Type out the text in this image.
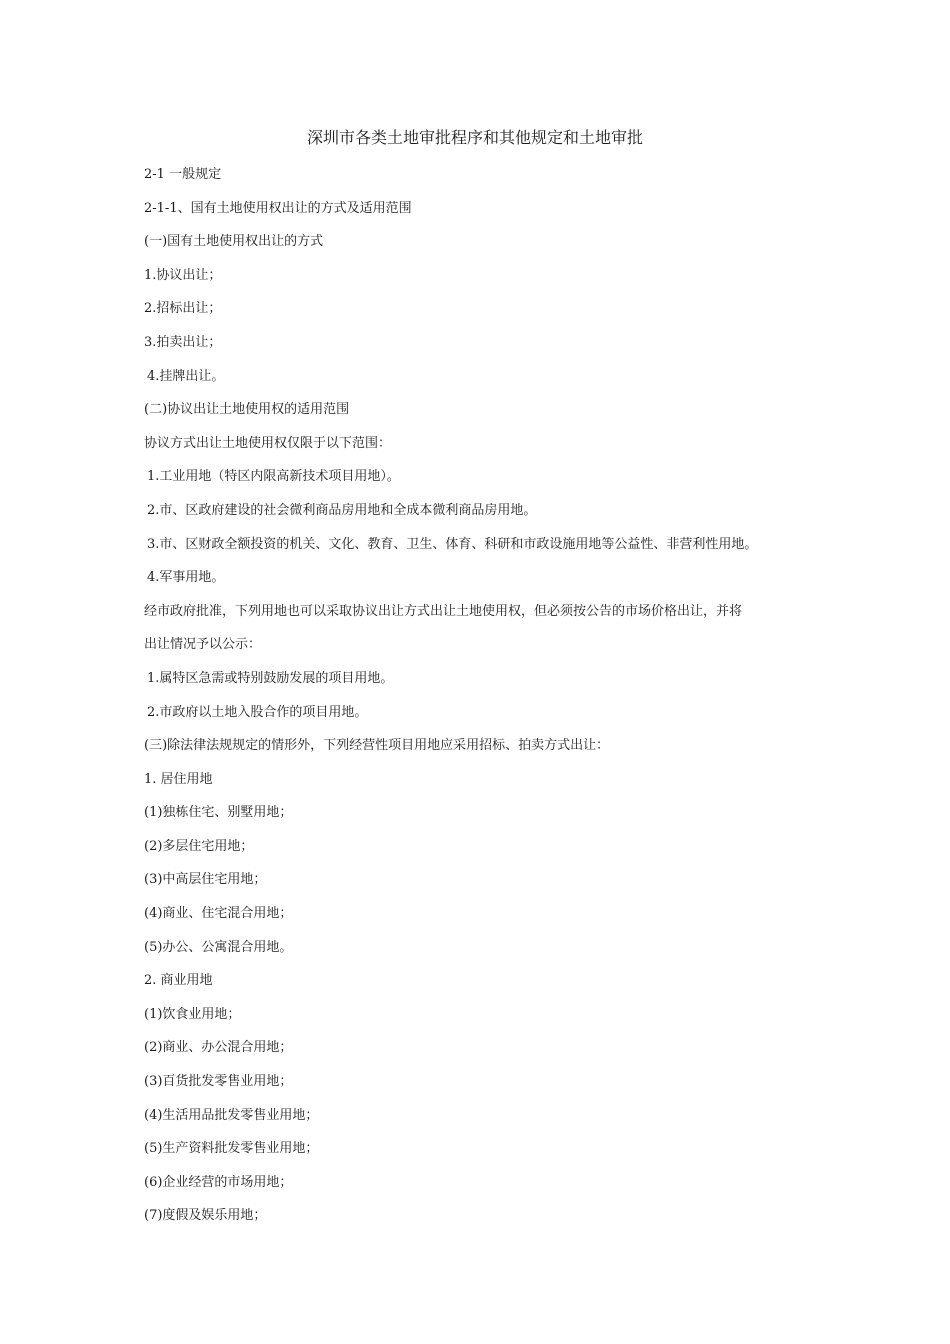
深圳市各类土地审批程序和其他规定和土地审批
2-1 一般规定
2-1-1、国有土地使用权出让的方式及适用范围
(一)国有土地使用权出让的方式
1.协议出让；
2.招标出让；
3.拍卖出让；
4.挂牌出让。
(二)协议出让土地使用权的适用范围
协议方式出让土地使用权仅限于以下范围：
1.工业用地（特区内限高新技术项目用地）。
2.市、区政府建设的社会微利商品房用地和全成本微利商品房用地。
3.市、区财政全额投资的机关、文化、教育、卫生、体育、科研和市政设施用地等公益性、非营利性用地。
4.军事用地。
经市政府批准，下列用地也可以采取协议出让方式出让土地使用权，但必须按公告的市场价格出让，并将
出让情况予以公示：
1.属特区急需或特别鼓励发展的项目用地。
2.市政府以土地入股合作的项目用地。
(三)除法律法规规定的情形外，下列经营性项目用地应采用招标、拍卖方式出让：
1. 居住用地
(1)独栋住宅、别墅用地；
(2)多层住宅用地；
(3)中高层住宅用地；
(4)商业、住宅混合用地；
(5)办公、公寓混合用地。
2. 商业用地
(1)饮食业用地；
(2)商业、办公混合用地；
(3)百货批发零售业用地；
(4)生活用品批发零售业用地；
(5)生产资料批发零售业用地；
(6)企业经营的市场用地；
(7)度假及娱乐用地；
